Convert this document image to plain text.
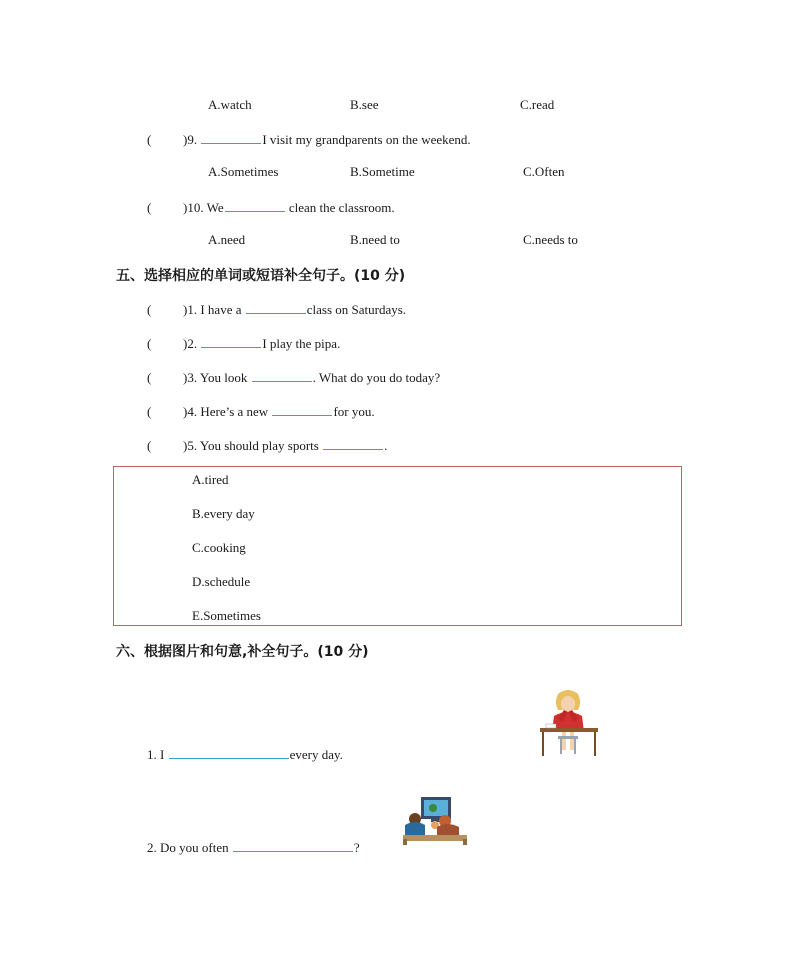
A.watch	B.see	C.read
( )9.	I visit my grandparents on the weekend.
A.Sometimes	B.Sometime	C.Often
( )10. We	clean the classroom.
A.need	B.need to	C.needs to
五、选择相应的单词或短语补全句子。(10 分)
( )1. I have a	class on Saturdays.
( )2.	I play the pipa.
( )3. You look	. What do you do today?
( )4. Here’s a new	for you.
( )5. You should play sports	.
A.tired
B.every day
C.cooking
D.schedule
E.Sometimes
六、根据图片和句意,补全句子。(10 分)
1. I	every day.
2. Do you often	?
